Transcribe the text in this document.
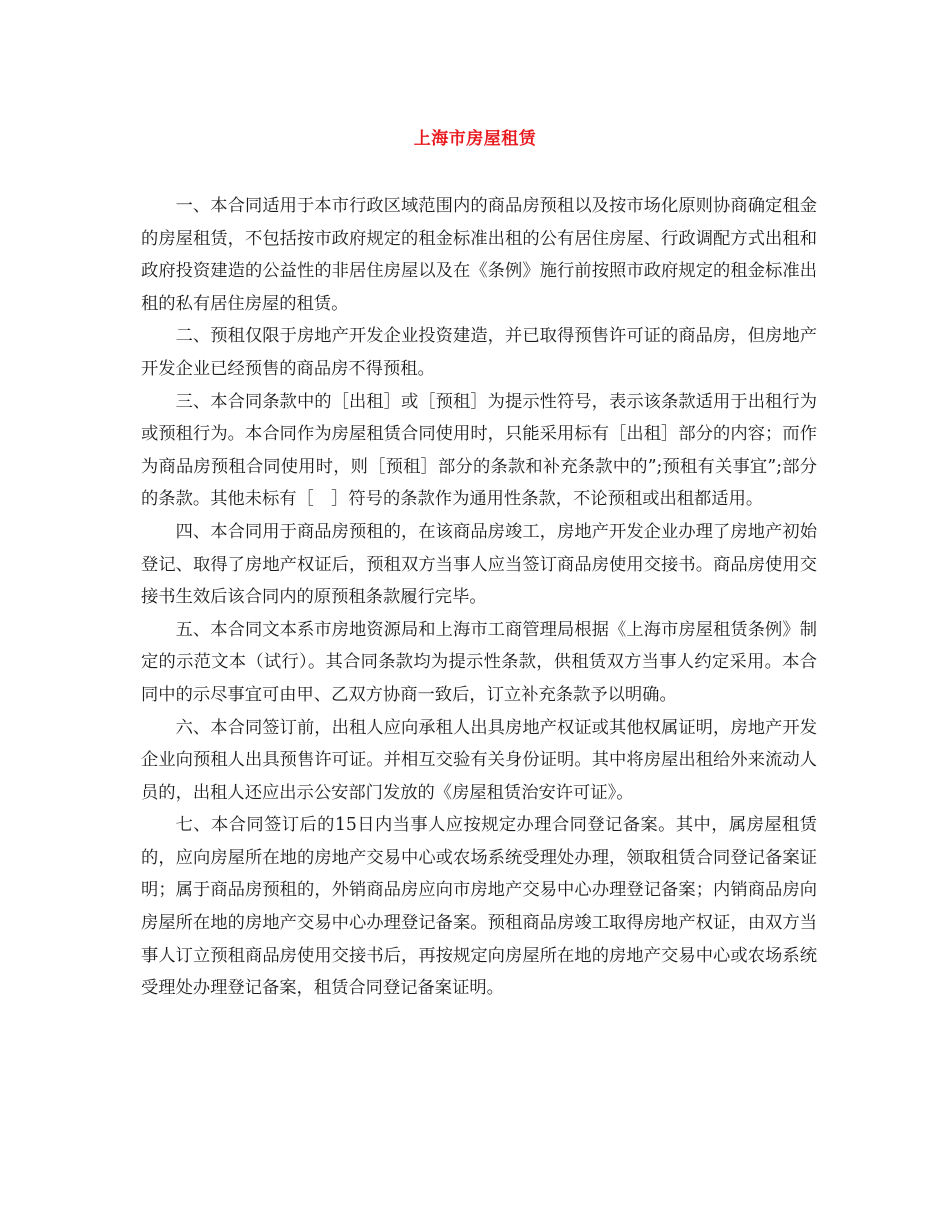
上海市房屋租赁

一、本合同适用于本市行政区域范围内的商品房预租以及按市场化原则协商确定租金的房屋租赁，不包括按市政府规定的租金标准出租的公有居住房屋、行政调配方式出租和政府投资建造的公益性的非居住房屋以及在《条例》施行前按照市政府规定的租金标准出租的私有居住房屋的租赁。

二、预租仅限于房地产开发企业投资建造，并已取得预售许可证的商品房，但房地产开发企业已经预售的商品房不得预租。

三、本合同条款中的［出租］或［预租］为提示性符号，表示该条款适用于出租行为或预租行为。本合同作为房屋租赁合同使用时，只能采用标有［出租］部分的内容；而作为商品房预租合同使用时，则［预租］部分的条款和补充条款中的”;预租有关事宜”;部分的条款。其他未标有［　］符号的条款作为通用性条款，不论预租或出租都适用。

四、本合同用于商品房预租的，在该商品房竣工，房地产开发企业办理了房地产初始登记、取得了房地产权证后，预租双方当事人应当签订商品房使用交接书。商品房使用交接书生效后该合同内的原预租条款履行完毕。

五、本合同文本系市房地资源局和上海市工商管理局根据《上海市房屋租赁条例》制定的示范文本（试行）。其合同条款均为提示性条款，供租赁双方当事人约定采用。本合同中的示尽事宜可由甲、乙双方协商一致后，订立补充条款予以明确。

六、本合同签订前，出租人应向承租人出具房地产权证或其他权属证明，房地产开发企业向预租人出具预售许可证。并相互交验有关身份证明。其中将房屋出租给外来流动人员的，出租人还应出示公安部门发放的《房屋租赁治安许可证》。

七、本合同签订后的15日内当事人应按规定办理合同登记备案。其中，属房屋租赁的，应向房屋所在地的房地产交易中心或农场系统受理处办理，领取租赁合同登记备案证明；属于商品房预租的，外销商品房应向市房地产交易中心办理登记备案；内销商品房向房屋所在地的房地产交易中心办理登记备案。预租商品房竣工取得房地产权证，由双方当事人订立预租商品房使用交接书后，再按规定向房屋所在地的房地产交易中心或农场系统受理处办理登记备案，租赁合同登记备案证明。
